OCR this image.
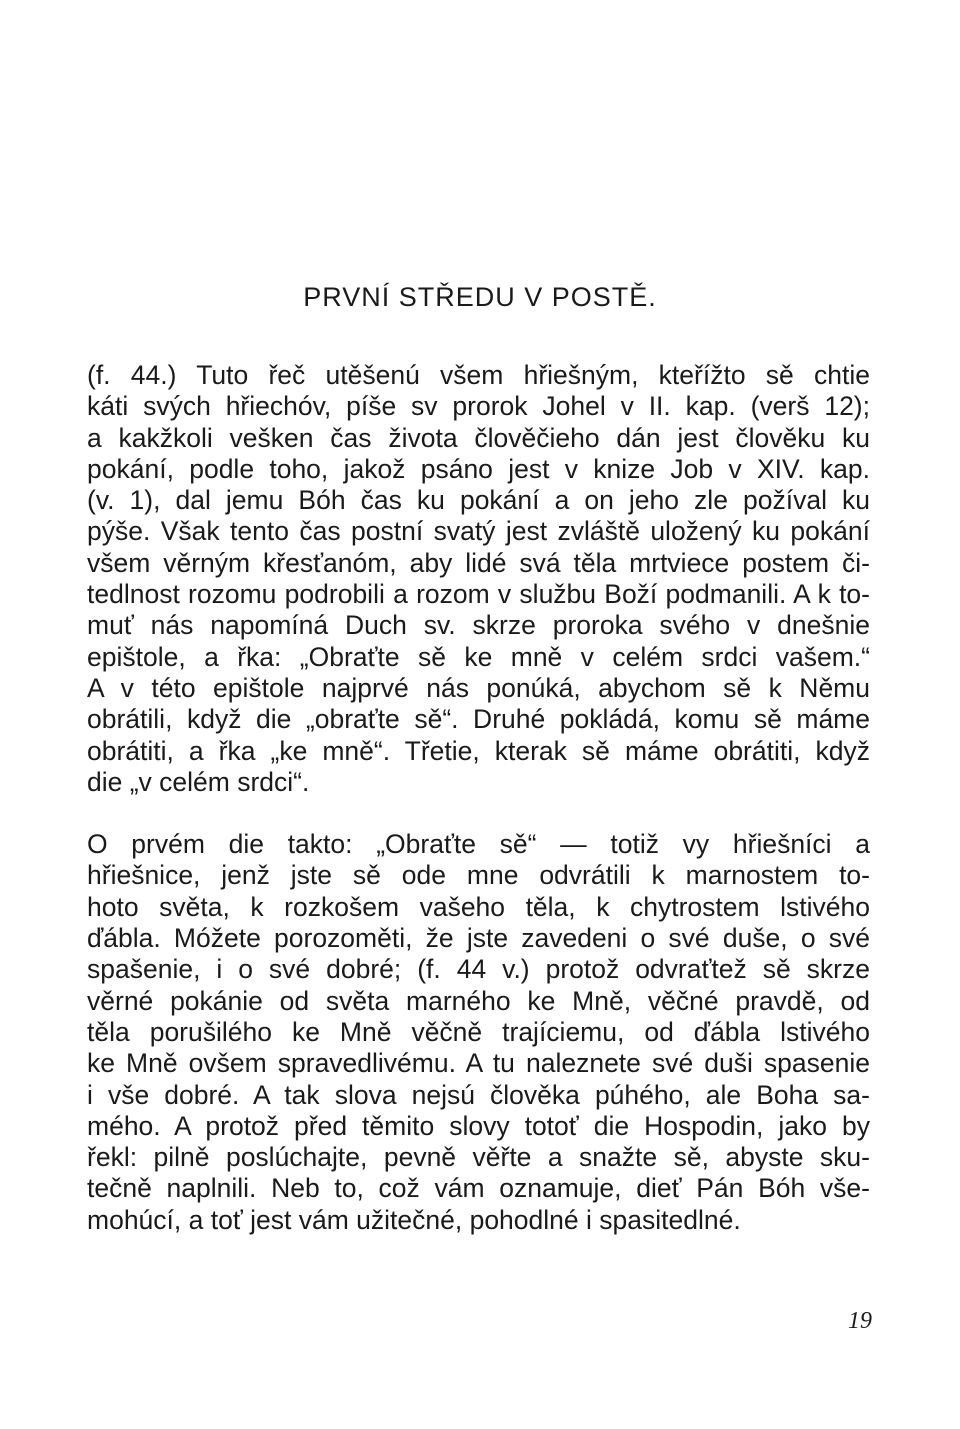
PRVNÍ STŘEDU V POSTĚ.
(f. 44.) Tuto řeč utěšenú všem hřiešným, kteřížto sě chtie
káti svých hřiechóv, píše sv prorok Johel v II. kap. (verš 12);
a kakžkoli vešken čas života člověčieho dán jest člověku ku
pokání, podle toho, jakož psáno jest v knize Job v XIV. kap.
(v. 1), dal jemu Bóh čas ku pokání a on jeho zle požíval ku
pýše. Však tento čas postní svatý jest zvláště uložený ku pokání
všem věrným křesťanóm, aby lidé svá těla mrtviece postem či-
tedlnost rozomu podrobili a rozom v službu Boží podmanili. A k to-
muť nás napomíná Duch sv. skrze proroka svého v dnešnie
epištole, a řka: „Obraťte sě ke mně v celém srdci vašem.“
A v této epištole najprvé nás ponúká, abychom sě k Němu
obrátili, když die „obraťte sě“. Druhé pokládá, komu sě máme
obrátiti, a řka „ke mně“. Třetie, kterak sě máme obrátiti, když
die „v celém srdci“.
O prvém die takto: „Obraťte sě“ — totiž vy hřiešníci a
hřiešnice, jenž jste sě ode mne odvrátili k marnostem to-
hoto světa, k rozkošem vašeho těla, k chytrostem lstivého
ďábla. Móžete porozoměti, že jste zavedeni o své duše, o své
spašenie, i o své dobré; (f. 44 v.) protož odvraťtež sě skrze
věrné pokánie od světa marného ke Mně, věčné pravdě, od
těla porušilého ke Mně věčně trajíciemu, od ďábla lstivého
ke Mně ovšem spravedlivému. A tu naleznete své duši spasenie
i vše dobré. A tak slova nejsú člověka púhého, ale Boha sa-
mého. A protož před těmito slovy totoť die Hospodin, jako by
řekl: pilně poslúchajte, pevně věřte a snažte sě, abyste sku-
tečně naplnili. Neb to, což vám oznamuje, dieť Pán Bóh vše-
mohúcí, a toť jest vám užitečné, pohodlné i spasitedlné.
19
